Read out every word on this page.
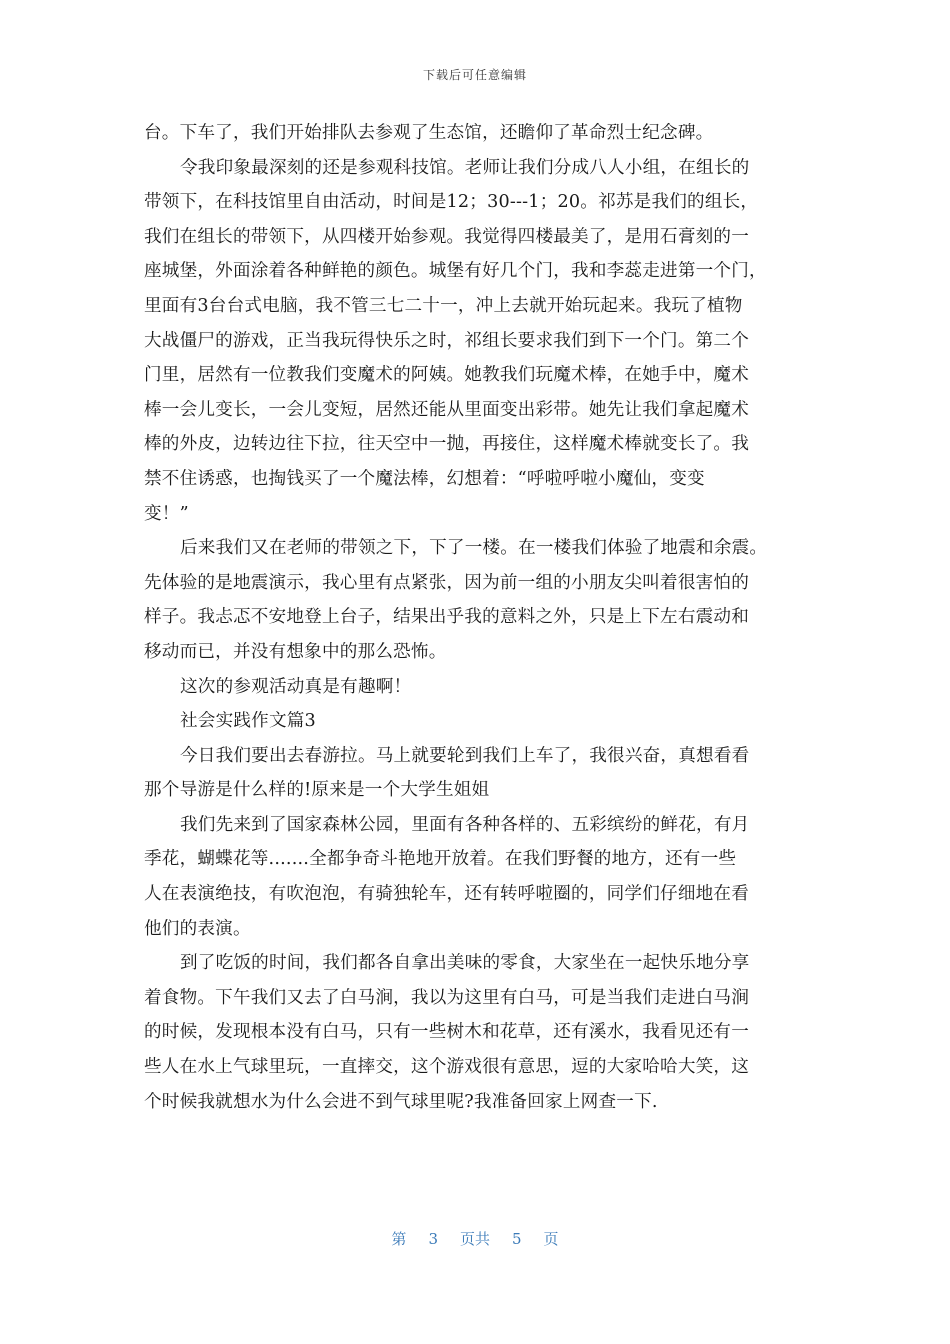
下载后可任意编辑
台。下车了，我们开始排队去参观了生态馆，还瞻仰了革命烈士纪念碑。
令我印象最深刻的还是参观科技馆。老师让我们分成八人小组，在组长的
带领下，在科技馆里自由活动，时间是12；30---1；20。祁苏是我们的组长，
我们在组长的带领下，从四楼开始参观。我觉得四楼最美了，是用石膏刻的一
座城堡，外面涂着各种鲜艳的颜色。城堡有好几个门，我和李蕊走进第一个门，
里面有3台台式电脑，我不管三七二十一，冲上去就开始玩起来。我玩了植物
大战僵尸的游戏，正当我玩得快乐之时，祁组长要求我们到下一个门。第二个
门里，居然有一位教我们变魔术的阿姨。她教我们玩魔术棒，在她手中，魔术
棒一会儿变长，一会儿变短，居然还能从里面变出彩带。她先让我们拿起魔术
棒的外皮，边转边往下拉，往天空中一抛，再接住，这样魔术棒就变长了。我
禁不住诱惑，也掏钱买了一个魔法棒，幻想着：“呼啦呼啦小魔仙，变变
变！”
后来我们又在老师的带领之下，下了一楼。在一楼我们体验了地震和余震。
先体验的是地震演示，我心里有点紧张，因为前一组的小朋友尖叫着很害怕的
样子。我忐忑不安地登上台子，结果出乎我的意料之外，只是上下左右震动和
移动而已，并没有想象中的那么恐怖。
这次的参观活动真是有趣啊！
社会实践作文篇3
今日我们要出去春游拉。马上就要轮到我们上车了，我很兴奋，真想看看
那个导游是什么样的!原来是一个大学生姐姐
我们先来到了国家森林公园，里面有各种各样的、五彩缤纷的鲜花，有月
季花，蝴蝶花等.......全都争奇斗艳地开放着。在我们野餐的地方，还有一些
人在表演绝技，有吹泡泡，有骑独轮车，还有转呼啦圈的，同学们仔细地在看
他们的表演。
到了吃饭的时间，我们都各自拿出美味的零食，大家坐在一起快乐地分享
着食物。下午我们又去了白马涧，我以为这里有白马，可是当我们走进白马涧
的时候，发现根本没有白马，只有一些树木和花草，还有溪水，我看见还有一
些人在水上气球里玩，一直摔交，这个游戏很有意思，逗的大家哈哈大笑，这
个时候我就想水为什么会进不到气球里呢?我准备回家上网查一下.
第 3 页共 5 页
